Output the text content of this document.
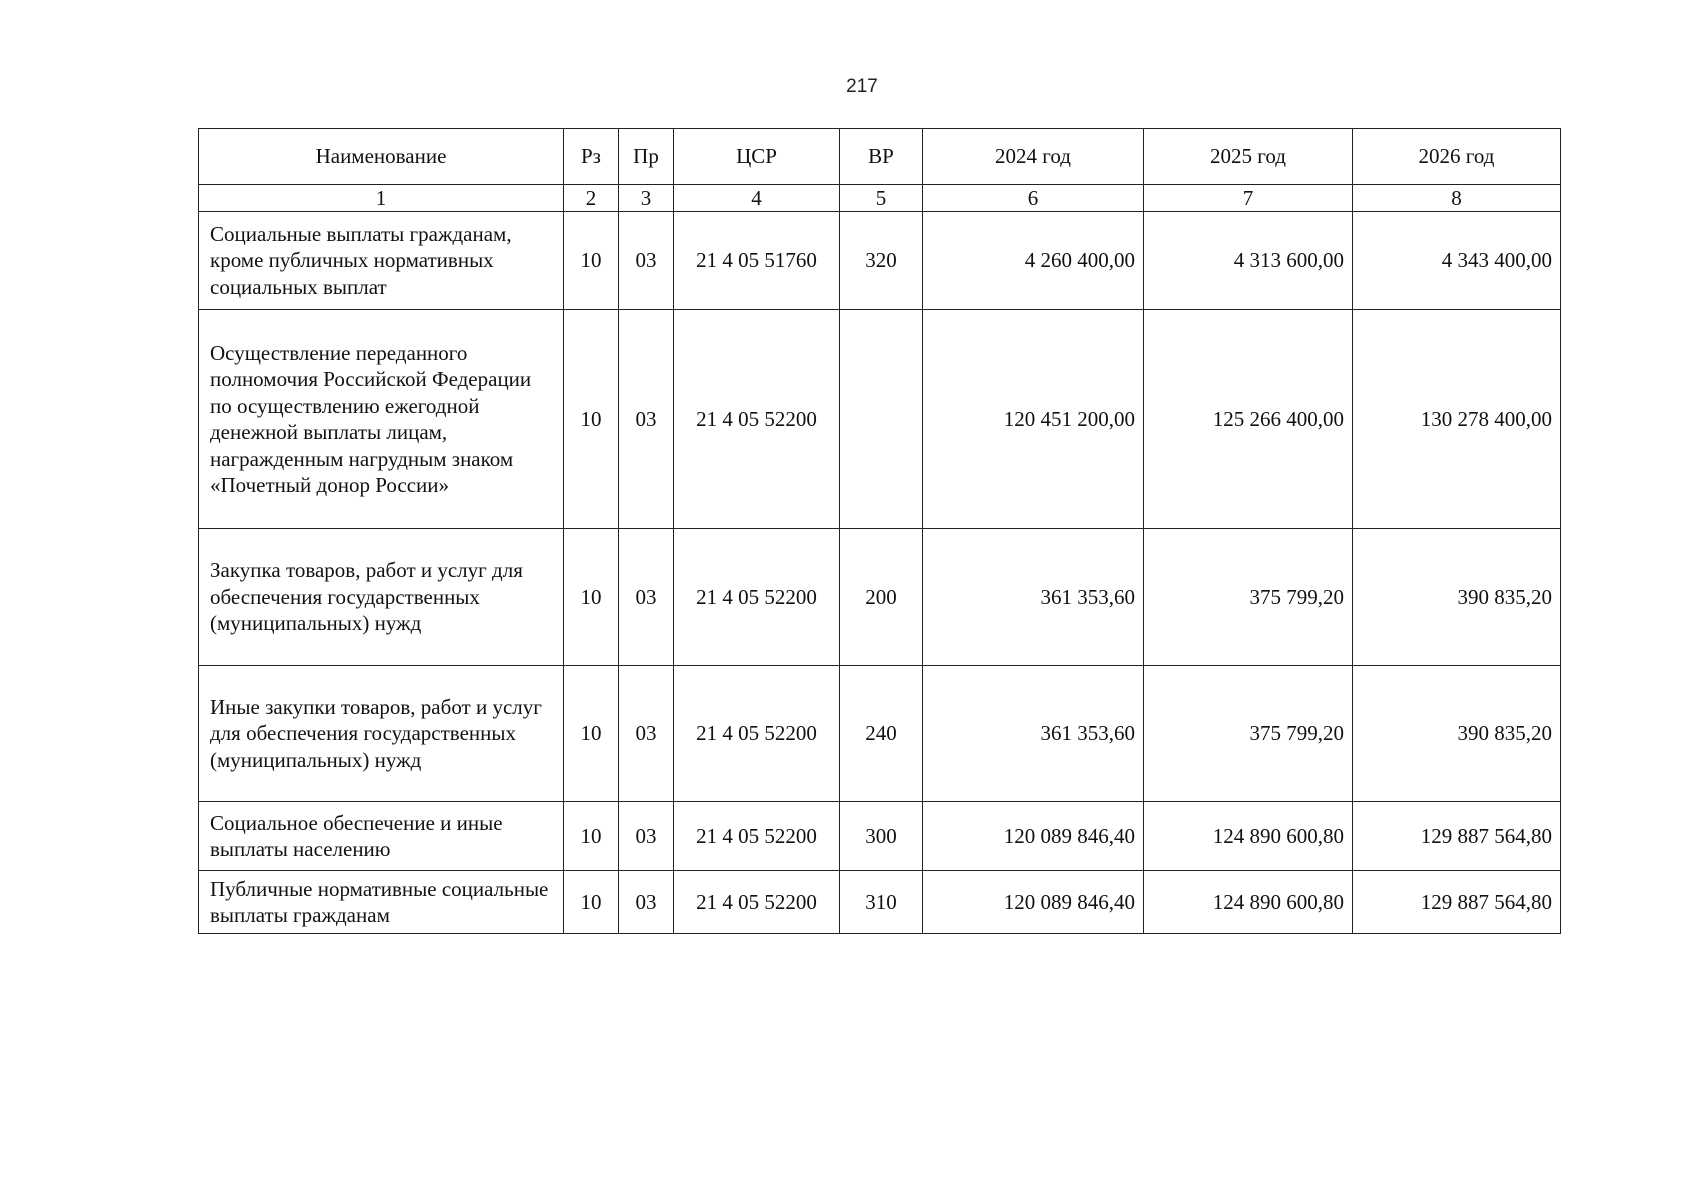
217
Наименование	Рз	Пр	ЦСР	ВР	2024 год	2025 год	2026 год
1	2	3	4	5	6	7	8
Социальные выплаты гражданам, кроме публичных нормативных социальных выплат	10	03	21 4 05 51760	320	4 260 400,00	4 313 600,00	4 343 400,00
Осуществление переданного полномочия Российской Федерации по осуществлению ежегодной денежной выплаты лицам, награжденным нагрудным знаком «Почетный донор России»	10	03	21 4 05 52200		120 451 200,00	125 266 400,00	130 278 400,00
Закупка товаров, работ и услуг для обеспечения государственных (муниципальных) нужд	10	03	21 4 05 52200	200	361 353,60	375 799,20	390 835,20
Иные закупки товаров, работ и услуг для обеспечения государственных (муниципальных) нужд	10	03	21 4 05 52200	240	361 353,60	375 799,20	390 835,20
Социальное обеспечение и иные выплаты населению	10	03	21 4 05 52200	300	120 089 846,40	124 890 600,80	129 887 564,80
Публичные нормативные социальные выплаты гражданам	10	03	21 4 05 52200	310	120 089 846,40	124 890 600,80	129 887 564,80
